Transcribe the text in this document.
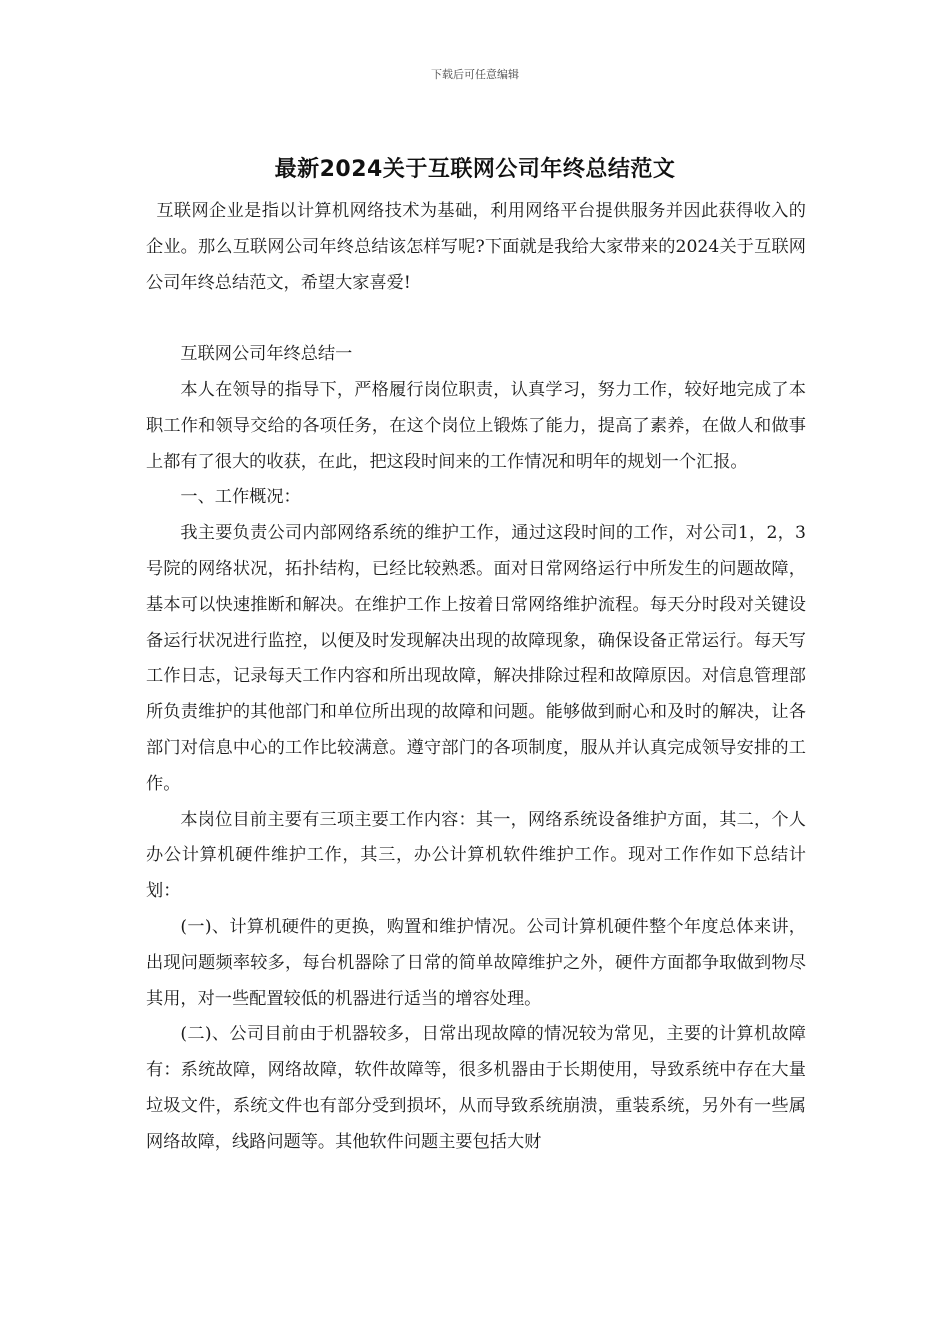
下载后可任意编辑
最新2024关于互联网公司年终总结范文

互联网企业是指以计算机网络技术为基础，利用网络平台提供服务并因此获得收入的企业。那么互联网公司年终总结该怎样写呢?下面就是我给大家带来的2024关于互联网公司年终总结范文，希望大家喜爱!

互联网公司年终总结一

本人在领导的指导下，严格履行岗位职责，认真学习，努力工作，较好地完成了本职工作和领导交给的各项任务，在这个岗位上锻炼了能力，提高了素养，在做人和做事上都有了很大的收获，在此，把这段时间来的工作情况和明年的规划一个汇报。

一、工作概况：

我主要负责公司内部网络系统的维护工作，通过这段时间的工作，对公司1，2，3号院的网络状况，拓扑结构，已经比较熟悉。面对日常网络运行中所发生的问题故障，基本可以快速推断和解决。在维护工作上按着日常网络维护流程。每天分时段对关键设备运行状况进行监控，以便及时发现解决出现的故障现象，确保设备正常运行。每天写工作日志，记录每天工作内容和所出现故障，解决排除过程和故障原因。对信息管理部所负责维护的其他部门和单位所出现的故障和问题。能够做到耐心和及时的解决，让各部门对信息中心的工作比较满意。遵守部门的各项制度，服从并认真完成领导安排的工作。

本岗位目前主要有三项主要工作内容：其一，网络系统设备维护方面，其二，个人办公计算机硬件维护工作，其三，办公计算机软件维护工作。现对工作作如下总结计划：

(一)、计算机硬件的更换，购置和维护情况。公司计算机硬件整个年度总体来讲，出现问题频率较多，每台机器除了日常的简单故障维护之外，硬件方面都争取做到物尽其用，对一些配置较低的机器进行适当的增容处理。

(二)、公司目前由于机器较多，日常出现故障的情况较为常见，主要的计算机故障有：系统故障，网络故障，软件故障等，很多机器由于长期使用，导致系统中存在大量垃圾文件，系统文件也有部分受到损坏，从而导致系统崩溃，重装系统，另外有一些属网络故障，线路问题等。其他软件问题主要包括大财
